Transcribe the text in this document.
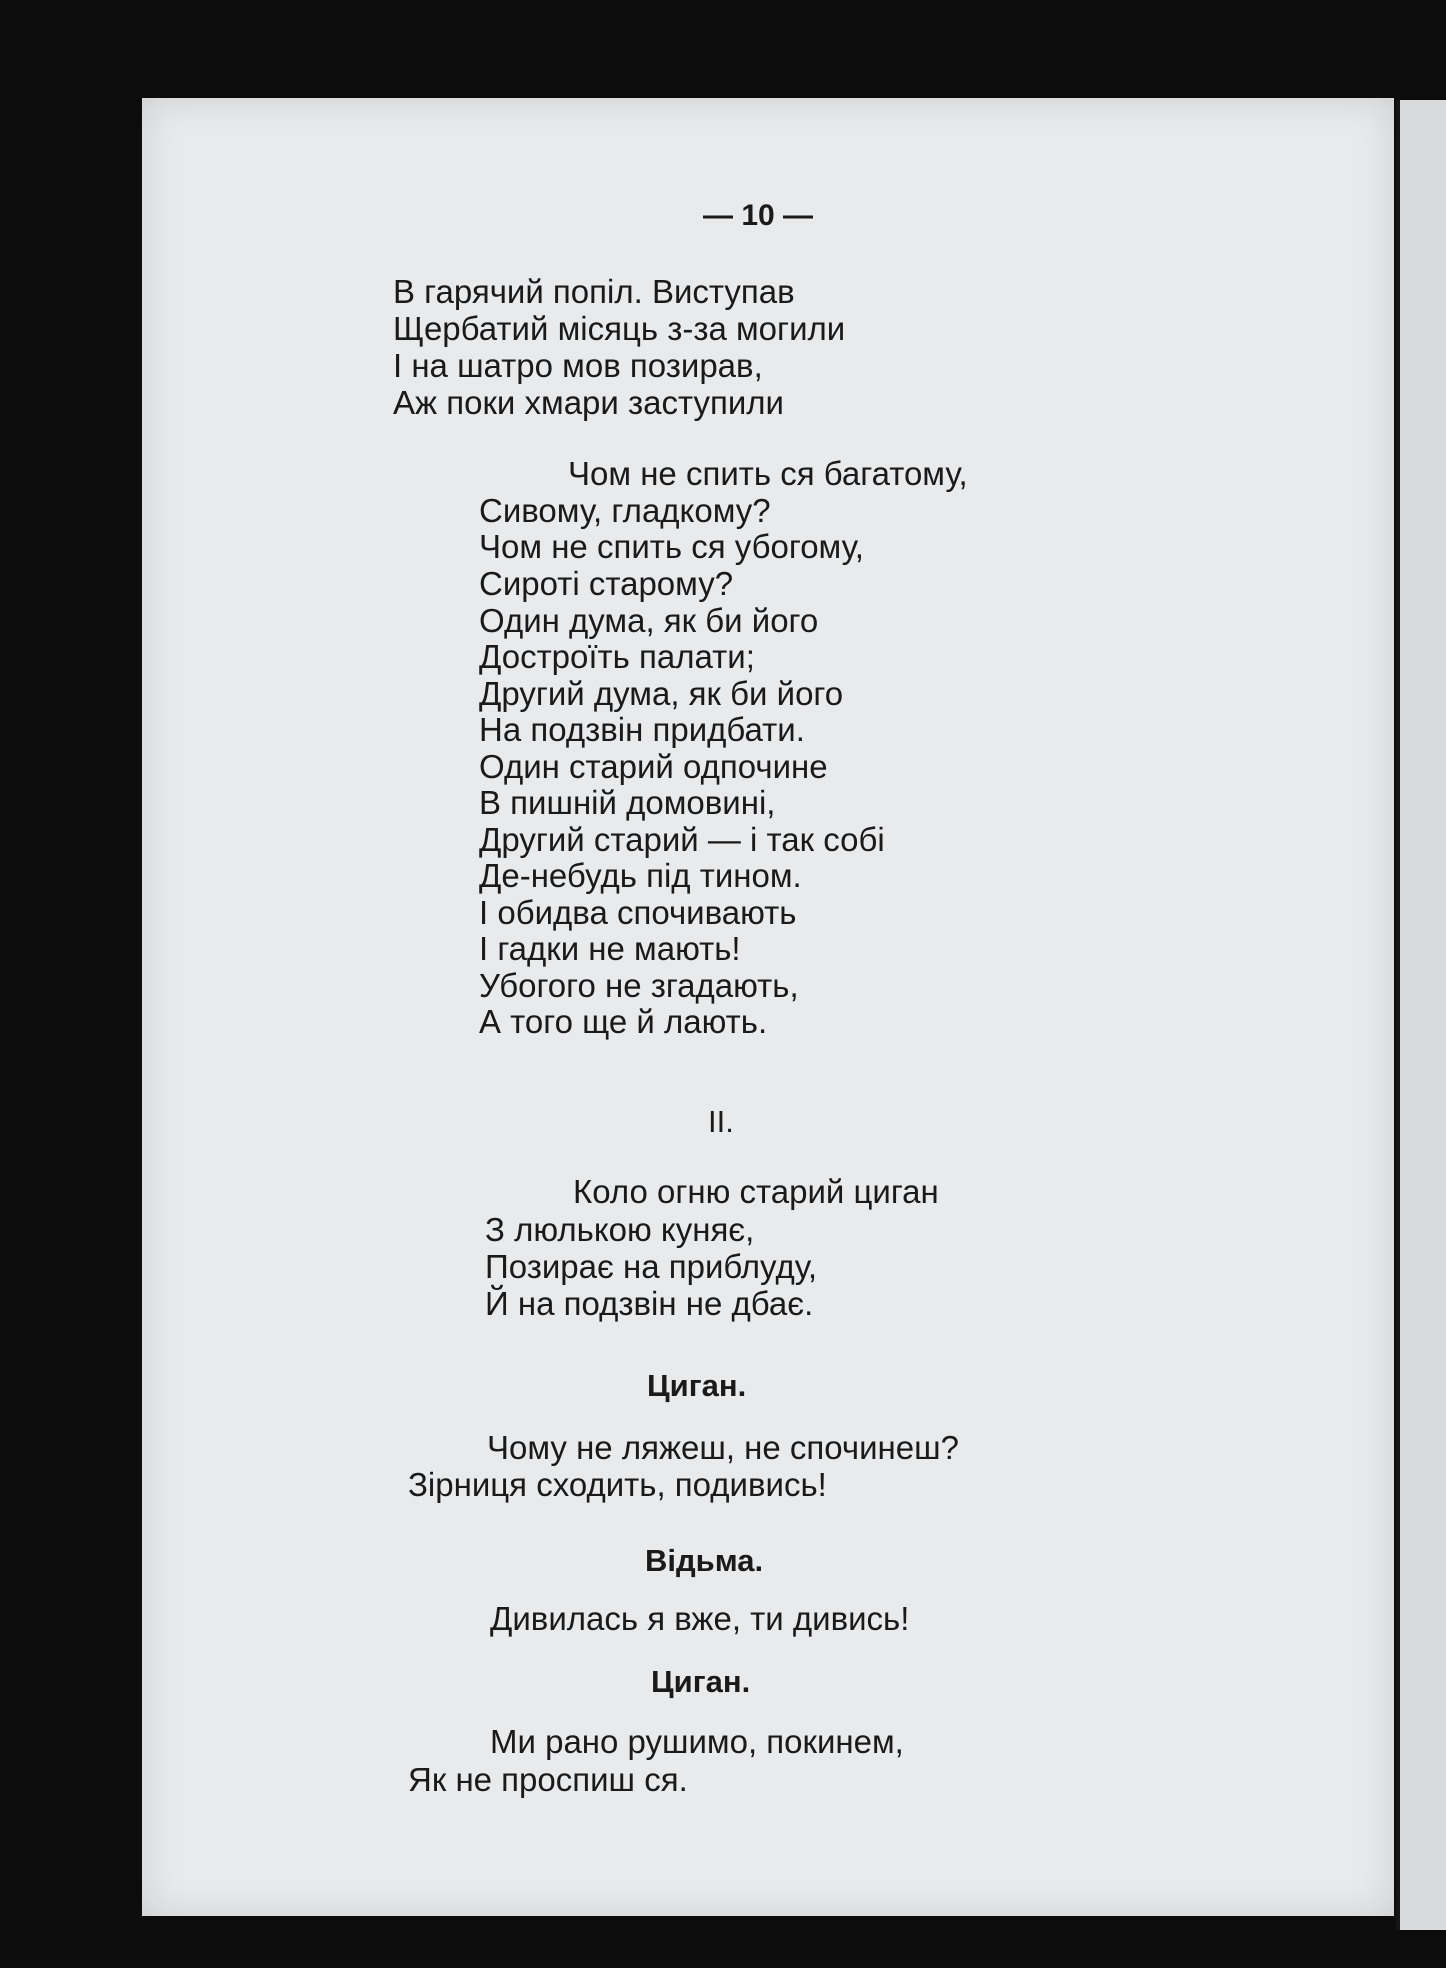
— 10 —
В гарячий попіл. Виступав
Щербатий місяць з-за могили
І на шатро мов позирав,
Аж поки хмари заступили
Чом не спить ся багатому,
Сивому, гладкому?
Чом не спить ся убогому,
Сироті старому?
Один дума, як би його
Достроїть палати;
Другий дума, як би його
На подзвін придбати.
Один старий одпочине
В пишній домовині,
Другий старий — і так собі
Де-небудь під тином.
І обидва спочивають
І гадки не мають!
Убогого не згадають,
А того ще й лають.
II.
Коло огню старий циган
З люлькою куняє,
Позирає на приблуду,
Й на подзвін не дбає.
Циган.
Чому не ляжеш, не спочинеш?
Зірниця сходить, подивись!
Відьма.
Дивилась я вже, ти дивись!
Циган.
Ми рано рушимо, покинем,
Як не проспиш ся.
